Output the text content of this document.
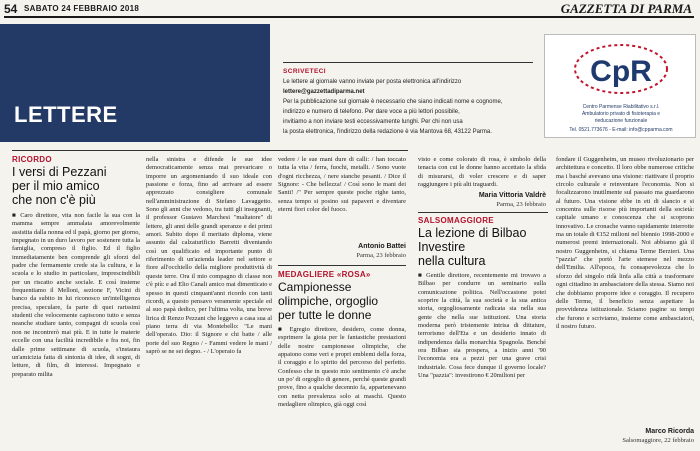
54 SABATO 24 FEBBRAIO 2018	GAZZETTA DI PARMA
LETTERE
SCRIVETECI
Le lettere al giornale vanno inviate per posta elettronica all'indirizzo
lettere@gazzettadiparma.net
Per la pubblicazione sul giornale è necessario che siano indicati nome e cognome,
indirizzo e numero di telefono. Per dare voce a più lettori possibile,
invitiamo a non inviare testi eccessivamente lunghi. Per chi non usa
la posta elettronica, l'indirizzo della redazione è via Mantova 68, 43122 Parma.
CpR
Centro Parmense Riabilitativo s.r.l.
Ambulatorio privato di fisioterapia e
rieducazione funzionale
Tel. 0521.773676 - E-mail: info@cpparma.com
RICORDO
I versi di Pezzani
per il mio amico
che non c'è più
■ Caro direttore, vita non facile la sua con la mamma sempre ammalata amorevolmente assistita dalla nonna ed il papà, giorno per giorno, impegnato in un duro lavoro per sostenere tutta la famiglia, compreso il figlio. Ed il figlio immediatamente ben comprende gli sforzi del padre che fermamente crede sia la cultura, e la scuola e lo studio in particolare, imprescindibili per un riscatto anche sociale. E così insieme frequentiamo il Melloni, sezione F, Vicini di banco da subito in lui riconosco un'intelligenza precisa, speculare, fa parte di quei rarissimi studenti che velocemente capiscono tutto e senza neanche studiare tanto, compagni di scuola così non ne incontrerò mai più. E in tutte le materie eccelle con una facilità incredibile e fra noi, fin dalle prime settimane di scuola, s'instaura un'amicizia fatta di sintonia di idee, di sogni, di letture, di film, di interessi. Impegnato e preparato milita
nella sinistra e difende le sue idee democraticamente senza mai prevaricare o imporre un argomentando il suo ideale con passione e forza, fino ad arrivare ad essere apprezzato consigliere comunale nell'amministrazione di Stefano Lavaggetto. Sono gli anni che vedono, tra tutti gli insegnanti, il professor Gustavo Marchesi "maltatore" di lettere, gli anni delle grandi speranze e dei primi amori. Subito dopo il meritato diploma, viene assunto dal calzaturificio Barretti diventando così un qualificato ed importante punto di riferimento di un'azienda leader nel settore e fiore all'occhiello della migliore produttività di queste terre. Ora il mio compagno di classe non c'è più: e ad Elio Canali amico mai dimenticato e spesso in questi cinquant'anni ricordo con tanti ricordi, a questo pensavo veramente speciale ed al suo papà dedico, per l'ultima volta, una breve lirica di Renzo Pezzani che leggevo a casa sua al piano terra di via Montebello: "Le mani dell'operaio. Dio: il Signore e chi batte / alle porte del suo Regno / - Fammi vedere le mani / saprò se ne sei degno. - / L'operaio fa
vedere / le sue mani dure di calli: / han toccato tutta la vita / ferra, fuochi, metalli. / Sono vuote d'ogni ricchezza, / nere stanche pesanti. / Dice il Signore: - Che bellezza! / Così sono le mani dei Santi! /" Per sempre queste poche righe tanto, senza tempo si posino sui papaveri e diventare eterni fiori color del fuoco.
Antonio Battei
Parma, 23 febbraio
MEDAGLIERE «ROSA»
Campionesse
olimpiche, orgoglio
per tutte le donne
■ Egregio direttore, desidero, come donna, esprimere la gioia per le fantastiche prestazioni delle nostre campionesse olimpiche, che appaiono come veri e propri emblemi della forza, il coraggio e lo spirito del percorso del perfetto. Confesso che in questo mio sentimento c'è anche un po' di orgoglio di genere, perché queste grandi prove, fino a qualche decennio fa, appartenevano con netta prevalenza solo ai maschi. Questo medagliere olimpico, già oggi così
visto e come colorato di rosa, è simbolo della tenacia con cui le donne hanno accettato la sfida di misurarsi, di voler crescere e di saper raggiungere i più alti traguardi.
Maria Vittoria Valdrè
Parma, 23 febbraio
SALSOMAGGIORE
La lezione di Bilbao
Investire
nella cultura
■ Gentile direttore, recentemente mi trovavo a Bilbao per condurre un seminario sulla comunicazione politica. Nell'occasione potei scoprire la città, la sua società e la sua antica storia, orgogliosamente radicata sia nella sua gente che nella sue istituzioni. Una storia moderna però tristemente intrisa di dittature, terrorismo dell'Eta e un desiderio innato di indipendenza dalla monarchia Spagnola. Benché ora Bilbao sia prospera, a inizio anni '90 l'economia era a pezzi per una grave crisi industriale. Cosa fece dunque il governo locale? Una "pazzia": investirono € 20milioni per
fondare il Guggenheim, un museo rivoluzionario per architettura e concetto. Il loro obbe numerose critiche ma i basché avevano una visione: riattivare il proprio circolo culturale e reinventare l'economia. Non si focalizzarono inutilmente sul passato ma guardarono al futuro. Una visione ebbe in eti di slancio e si concentra sulle risorse più importanti della società: capitale umano e conoscenza che si scoprono innovativo. Le cronache vanno rapidamente interrotte ma un totale di €152 milioni nel biennio 1998-2000 e numerosi premi internazionali. Noi abbiamo già il nostro Guggenheim, si chiama Terme Berzieri. Una "pazzia" che portò l'arte stemese nel mezzo dell'Emilia. All'epoca, fu consapevolezza che lo sforzo del singolo ridà linfa alla città a trasformare ogni cittadino in ambasciatore della stessa. Siamo noi che dobbiamo proporre idee e coraggio. Il recupero delle Terme, il beneficio senza aspettare la provvidenza istituzionale. Sciamo pagine su tempi che furono e scriviamo, insieme come ambasciatori, il nostro futuro.
Marco Ricorda
Salsomaggiore, 22 febbraio
